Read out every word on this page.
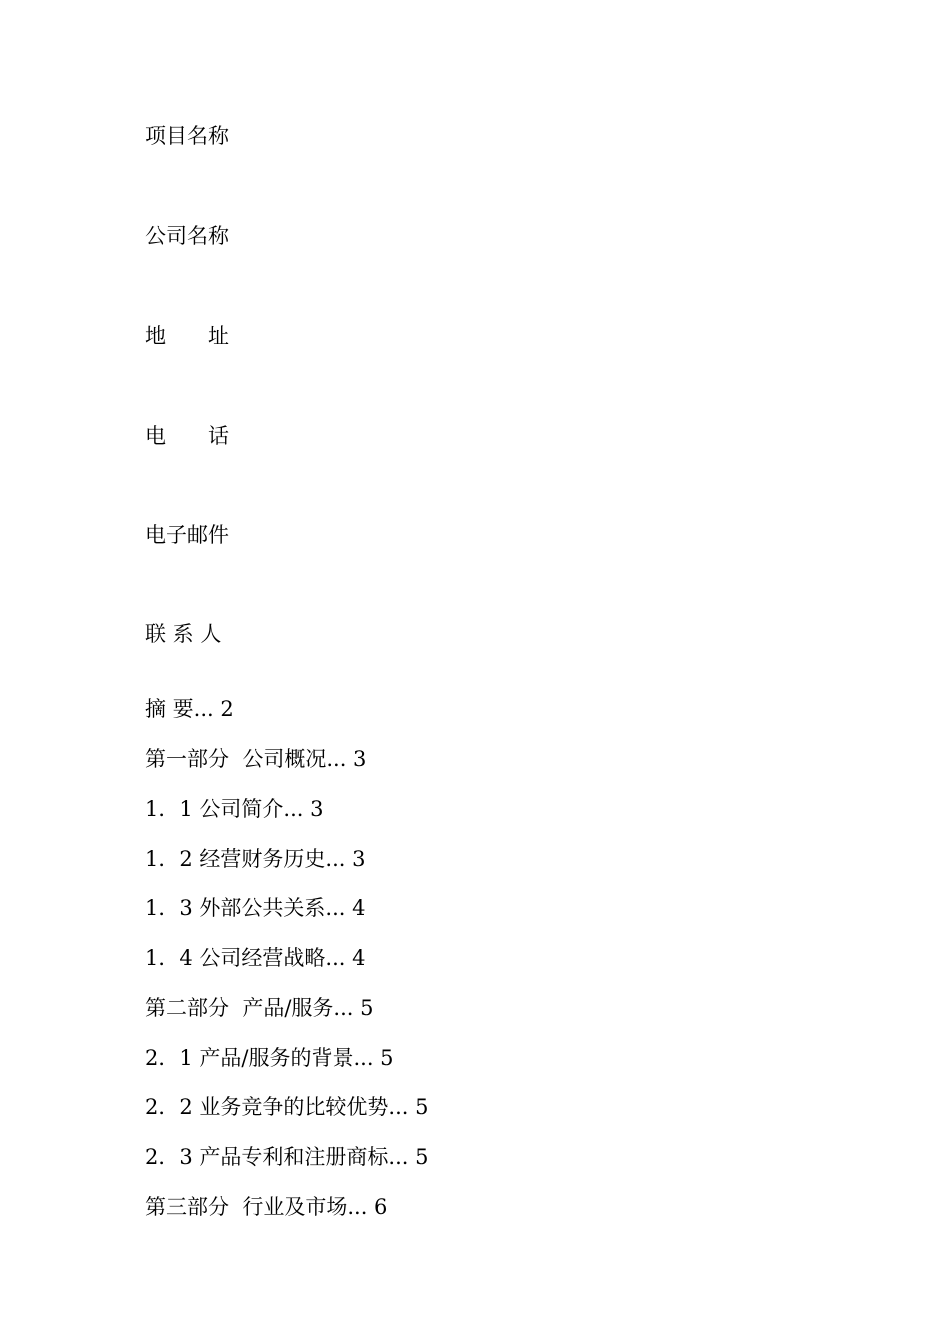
项目名称
公司名称
地　　址
电　　话
电子邮件
联 系 人
摘 要... 2
第一部分  公司概况... 3
1．1 公司简介... 3
1．2 经营财务历史... 3
1．3 外部公共关系... 4
1．4 公司经营战略... 4
第二部分  产品/服务... 5
2．1 产品/服务的背景... 5
2．2 业务竞争的比较优势... 5
2．3 产品专利和注册商标... 5
第三部分  行业及市场... 6
